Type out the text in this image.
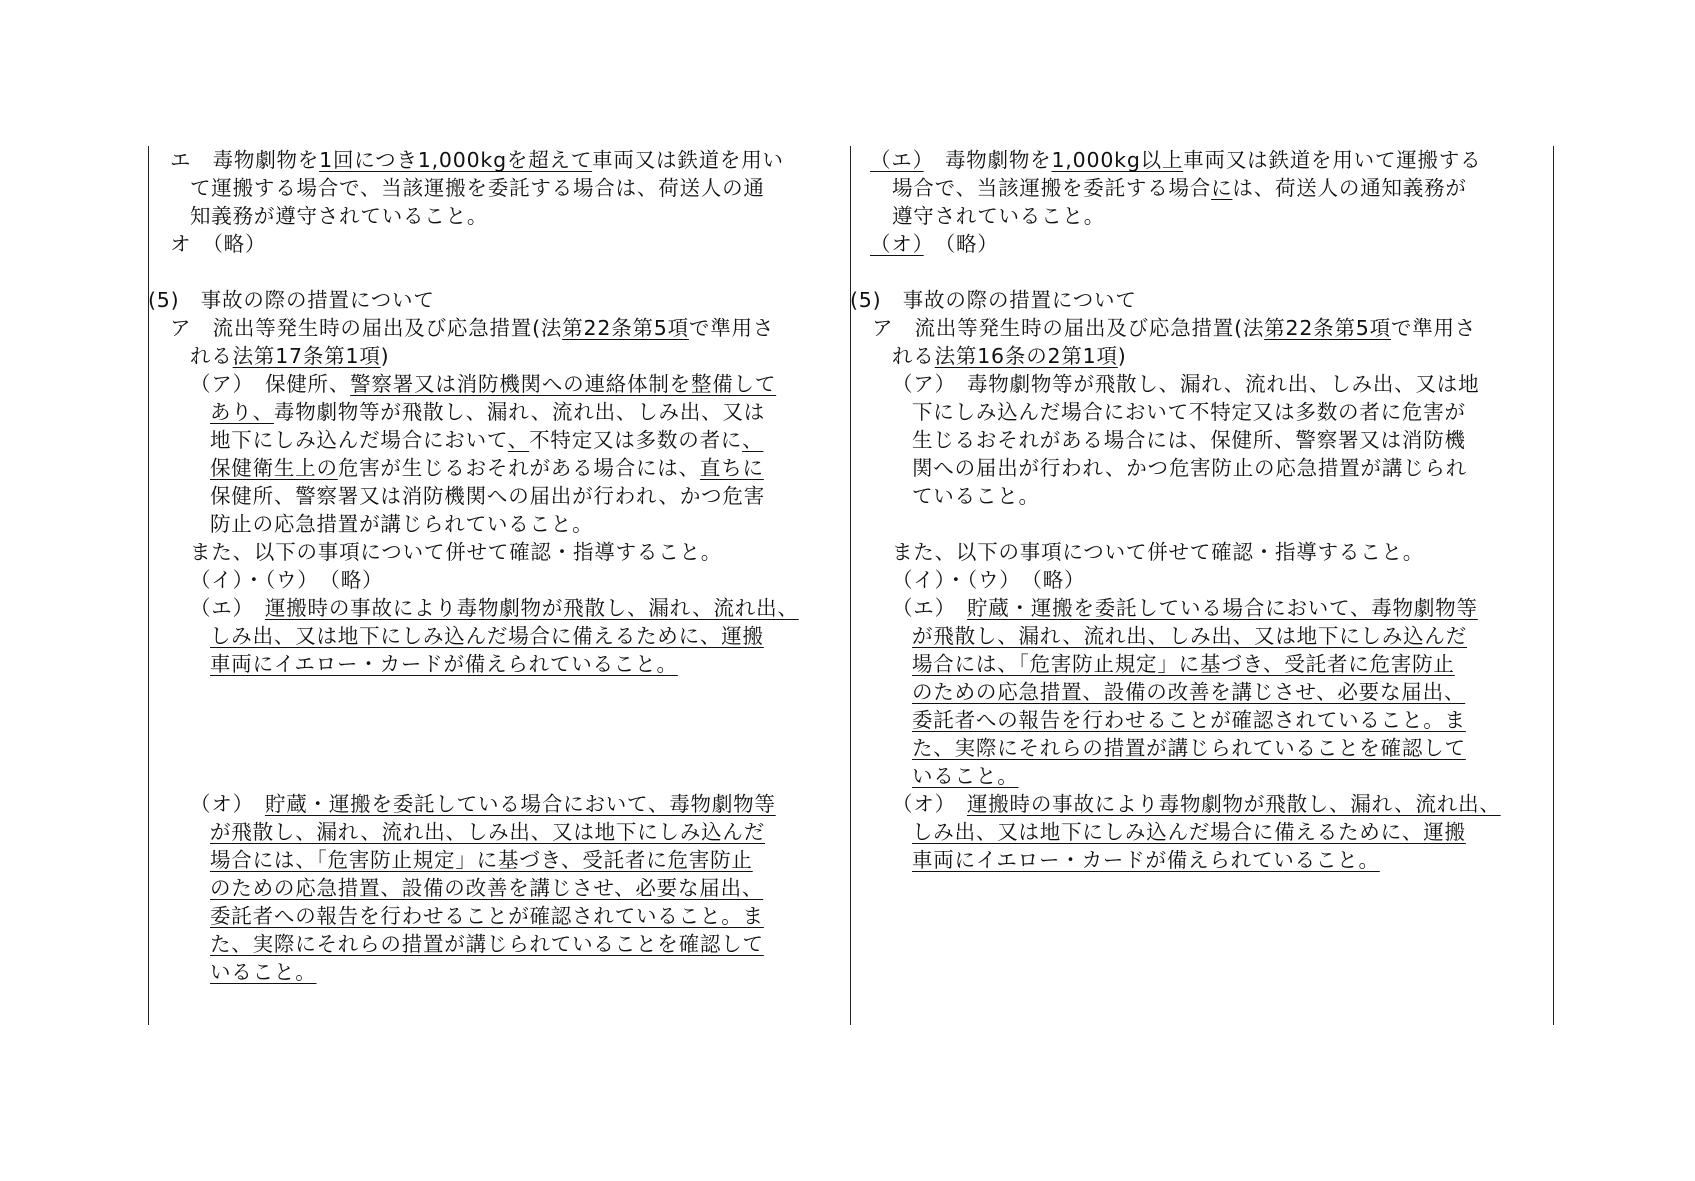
エ　毒物劇物を1回につき1,000kgを超えて車両又は鉄道を用い
て運搬する場合で、当該運搬を委託する場合は、荷送人の通
知義務が遵守されていること。
オ　（略）
(5)　事故の際の措置について
ア　流出等発生時の届出及び応急措置(法第22条第5項で準用さ
れる法第17条第1項)
（ア）　保健所、警察署又は消防機関への連絡体制を整備して
あり、毒物劇物等が飛散し、漏れ、流れ出、しみ出、又は
地下にしみ込んだ場合において、不特定又は多数の者に、
保健衛生上の危害が生じるおそれがある場合には、直ちに
保健所、警察署又は消防機関への届出が行われ、かつ危害
防止の応急措置が講じられていること。
また、以下の事項について併せて確認・指導すること。
（イ）・（ウ）　（略）
（エ）　運搬時の事故により毒物劇物が飛散し、漏れ、流れ出、
しみ出、又は地下にしみ込んだ場合に備えるために、運搬
車両にイエロー・カードが備えられていること。
（オ）　貯蔵・運搬を委託している場合において、毒物劇物等
が飛散し、漏れ、流れ出、しみ出、又は地下にしみ込んだ
場合には、「危害防止規定」に基づき、受託者に危害防止
のための応急措置、設備の改善を講じさせ、必要な届出、
委託者への報告を行わせることが確認されていること。ま
た、実際にそれらの措置が講じられていることを確認して
いること。
（エ）　毒物劇物を1,000kg以上車両又は鉄道を用いて運搬する
場合で、当該運搬を委託する場合には、荷送人の通知義務が
遵守されていること。
（オ）　（略）
(5)　事故の際の措置について
ア　流出等発生時の届出及び応急措置(法第22条第5項で準用さ
れる法第16条の2第1項)
（ア）　毒物劇物等が飛散し、漏れ、流れ出、しみ出、又は地
下にしみ込んだ場合において不特定又は多数の者に危害が
生じるおそれがある場合には、保健所、警察署又は消防機
関への届出が行われ、かつ危害防止の応急措置が講じられ
ていること。
また、以下の事項について併せて確認・指導すること。
（イ）・（ウ）　（略）
（エ）　貯蔵・運搬を委託している場合において、毒物劇物等
が飛散し、漏れ、流れ出、しみ出、又は地下にしみ込んだ
場合には、「危害防止規定」に基づき、受託者に危害防止
のための応急措置、設備の改善を講じさせ、必要な届出、
委託者への報告を行わせることが確認されていること。ま
た、実際にそれらの措置が講じられていることを確認して
いること。
（オ）　運搬時の事故により毒物劇物が飛散し、漏れ、流れ出、
しみ出、又は地下にしみ込んだ場合に備えるために、運搬
車両にイエロー・カードが備えられていること。
